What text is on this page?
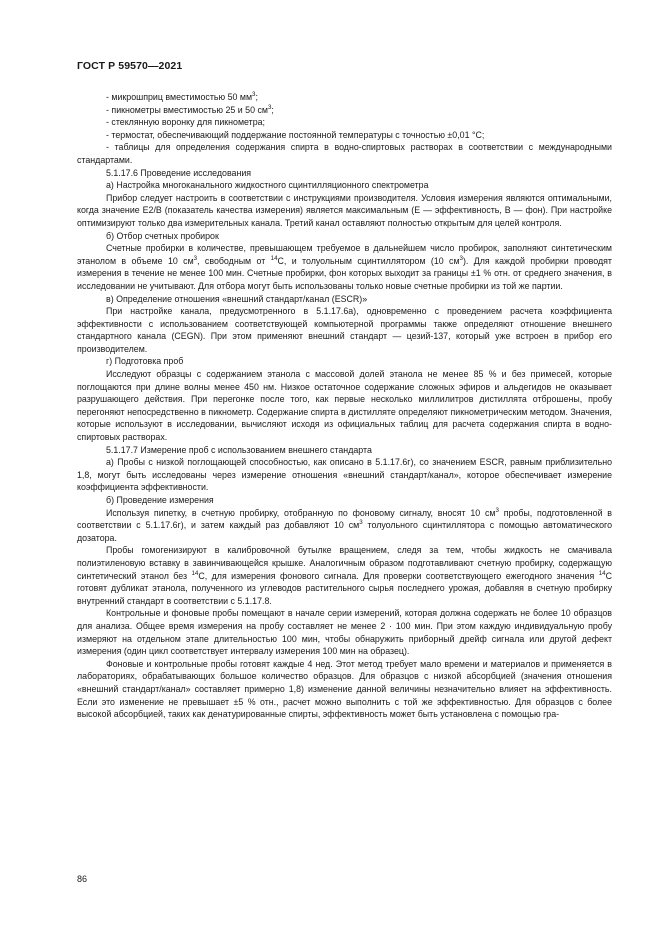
ГОСТ Р 59570—2021

- микрошприц вместимостью 50 $мм^3$;

- пикнометры вместимостью 25 и 50 $см^3$;

- стеклянную воронку для пикнометра;

- термостат, обеспечивающий поддержание постоянной температуры с точностью ±0,01 °С;

- таблицы для определения содержания спирта в водно-спиртовых растворах в соответствии с международными стандартами.

5.1.17.6 Проведение исследования

а) Настройка многоканального жидкостного сцинтилляционного спектрометра

Прибор следует настроить в соответствии с инструкциями производителя. Условия измерения являются оптимальными, когда значение E2/B (показатель качества измерения) является максимальным (Е — эффективность, В — фон). При настройке оптимизируют только два измерительных канала. Третий канал оставляют полностью открытым для целей контроля.

б) Отбор счетных пробирок

Счетные пробирки в количестве, превышающем требуемое в дальнейшем число пробирок, заполняют синтетическим этанолом в объеме 10 $см^3$, свободным от $^{14}$С, и толуольным сцинтиллятором (10 $см^3$). Для каждой пробирки проводят измерения в течение не менее 100 мин. Счетные пробирки, фон которых выходит за границы ±1 % отн. от среднего значения, в исследовании не учитывают. Для отбора могут быть использованы только новые счетные пробирки из той же партии.

в) Определение отношения «внешний стандарт/канал (ESCR)»

При настройке канала, предусмотренного в 5.1.17.6а), одновременно с проведением расчета коэффициента эффективности с использованием соответствующей компьютерной программы также определяют отношение внешнего стандартного канала (CEGN). При этом применяют внешний стандарт — цезий-137, который уже встроен в прибор его производителем.

г) Подготовка проб

Исследуют образцы с содержанием этанола с массовой долей этанола не менее 85 % и без примесей, которые поглощаются при длине волны менее 450 нм. Низкое остаточное содержание сложных эфиров и альдегидов не оказывает разрушающего действия. При перегонке после того, как первые несколько миллилитров дистиллята отброшены, пробу перегоняют непосредственно в пикнометр. Содержание спирта в дистилляте определяют пикнометрическим методом. Значения, которые используют в исследовании, вычисляют исходя из официальных таблиц для расчета содержания спирта в водно-спиртовых растворах.

5.1.17.7 Измерение проб с использованием внешнего стандарта

а) Пробы с низкой поглощающей способностью, как описано в 5.1.17.6г), со значением ESCR, равным приблизительно 1,8, могут быть исследованы через измерение отношения «внешний стандарт/канал», которое обеспечивает измерение коэффициента эффективности.

б) Проведение измерения

Используя пипетку, в счетную пробирку, отобранную по фоновому сигналу, вносят 10 $см^3$ пробы, подготовленной в соответствии с 5.1.17.6г), и затем каждый раз добавляют 10 $см^3$ толуольного сцинтиллятора с помощью автоматического дозатора.

Пробы гомогенизируют в калибровочной бутылке вращением, следя за тем, чтобы жидкость не смачивала полиэтиленовую вставку в завинчивающейся крышке. Аналогичным образом подготавливают счетную пробирку, содержащую синтетический этанол без $^{14}$С, для измерения фонового сигнала. Для проверки соответствующего ежегодного значения $^{14}$С готовят дубликат этанола, полученного из углеводов растительного сырья последнего урожая, добавляя в счетную пробирку внутренний стандарт в соответствии с 5.1.17.8.

Контрольные и фоновые пробы помещают в начале серии измерений, которая должна содержать не более 10 образцов для анализа. Общее время измерения на пробу составляет не менее 2 · 100 мин. При этом каждую индивидуальную пробу измеряют на отдельном этапе длительностью 100 мин, чтобы обнаружить приборный дрейф сигнала или другой дефект измерения (один цикл соответствует интервалу измерения 100 мин на образец).

Фоновые и контрольные пробы готовят каждые 4 нед. Этот метод требует мало времени и материалов и применяется в лабораториях, обрабатывающих большое количество образцов. Для образцов с низкой абсорбцией (значения отношения «внешний стандарт/канал» составляет примерно 1,8) изменение данной величины незначительно влияет на эффективность. Если это изменение не превышает ±5 % отн., расчет можно выполнить с той же эффективностью. Для образцов с более высокой абсорбцией, таких как денатурированные спирты, эффективность может быть установлена с помощью гра-

86
